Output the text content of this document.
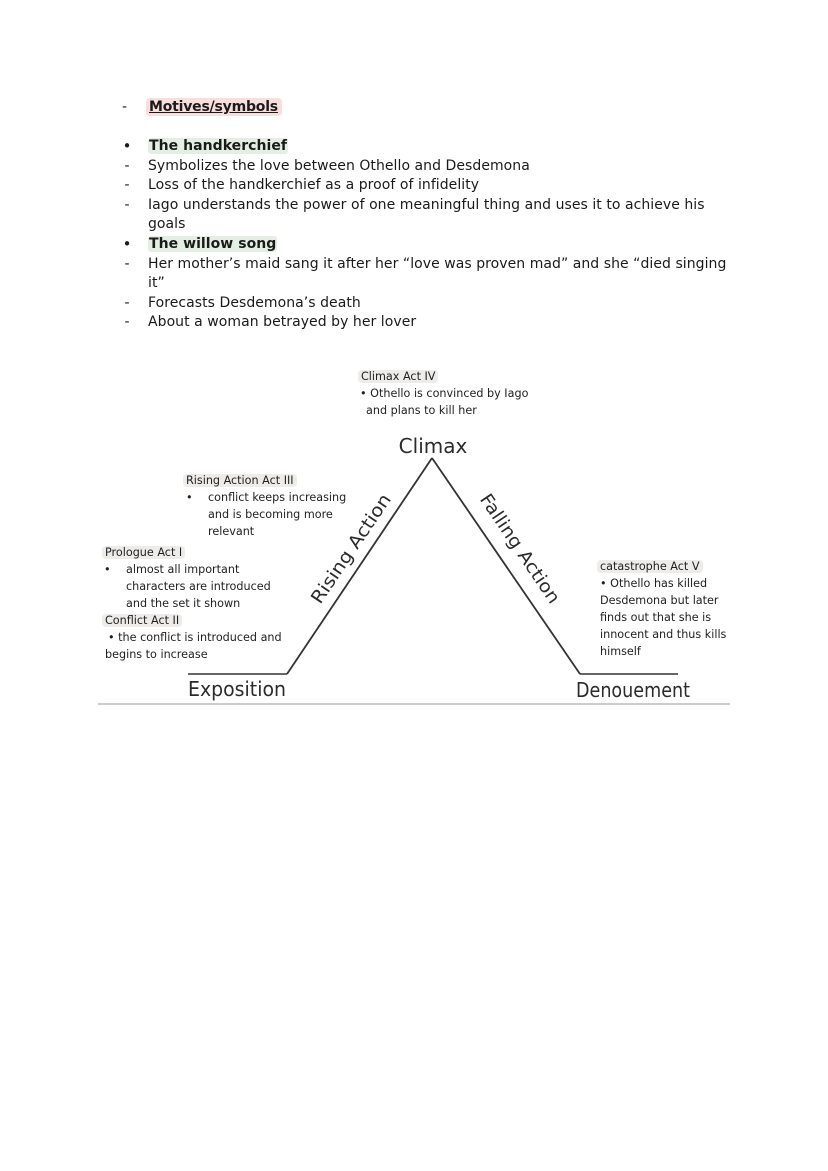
- Motives/symbols
• The handkerchief
- Symbolizes the love between Othello and Desdemona
- Loss of the handkerchief as a proof of infidelity
- Iago understands the power of one meaningful thing and uses it to achieve his goals
• The willow song
- Her mother’s maid sang it after her “love was proven mad” and she “died singing it”
- Forecasts Desdemona’s death
- About a woman betrayed by her lover
Climax
Exposition	Denouement
Rising Action	Falling Action
Climax Act IV
• Othello is convinced by Iago
and plans to kill her
Rising Action Act III
• conflict keeps increasing
and is becoming more
relevant
Prologue Act I
• almost all important
characters are introduced
and the set it shown
Conflict Act II
• the conflict is introduced and
begins to increase
catastrophe Act V
• Othello has killed
Desdemona but later
finds out that she is
innocent and thus kills
himself
